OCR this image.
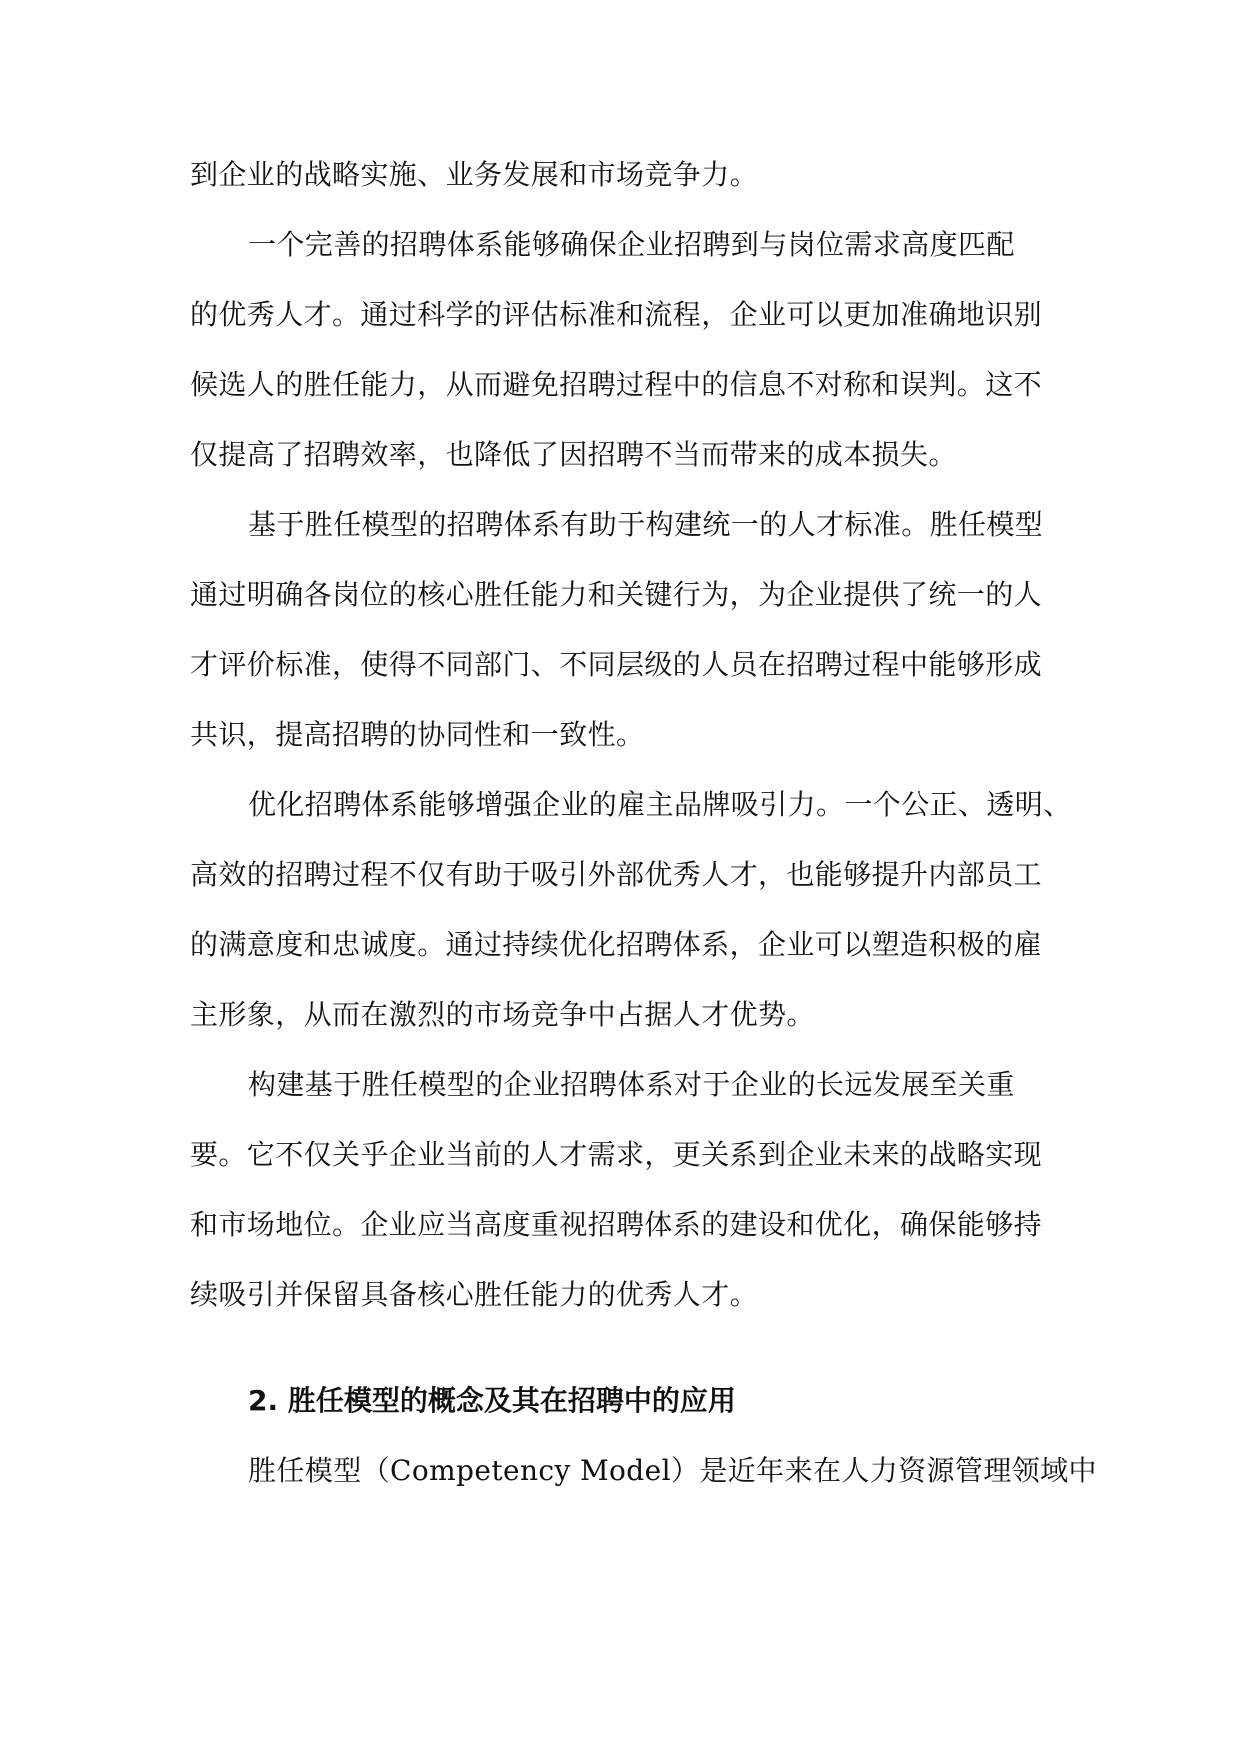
到企业的战略实施、业务发展和市场竞争力。
一个完善的招聘体系能够确保企业招聘到与岗位需求高度匹配
的优秀人才。通过科学的评估标准和流程，企业可以更加准确地识别
候选人的胜任能力，从而避免招聘过程中的信息不对称和误判。这不
仅提高了招聘效率，也降低了因招聘不当而带来的成本损失。
基于胜任模型的招聘体系有助于构建统一的人才标准。胜任模型
通过明确各岗位的核心胜任能力和关键行为，为企业提供了统一的人
才评价标准，使得不同部门、不同层级的人员在招聘过程中能够形成
共识，提高招聘的协同性和一致性。
优化招聘体系能够增强企业的雇主品牌吸引力。一个公正、透明、
高效的招聘过程不仅有助于吸引外部优秀人才，也能够提升内部员工
的满意度和忠诚度。通过持续优化招聘体系，企业可以塑造积极的雇
主形象，从而在激烈的市场竞争中占据人才优势。
构建基于胜任模型的企业招聘体系对于企业的长远发展至关重
要。它不仅关乎企业当前的人才需求，更关系到企业未来的战略实现
和市场地位。企业应当高度重视招聘体系的建设和优化，确保能够持
续吸引并保留具备核心胜任能力的优秀人才。
2. 胜任模型的概念及其在招聘中的应用
胜任模型（Competency Model）是近年来在人力资源管理领域中
